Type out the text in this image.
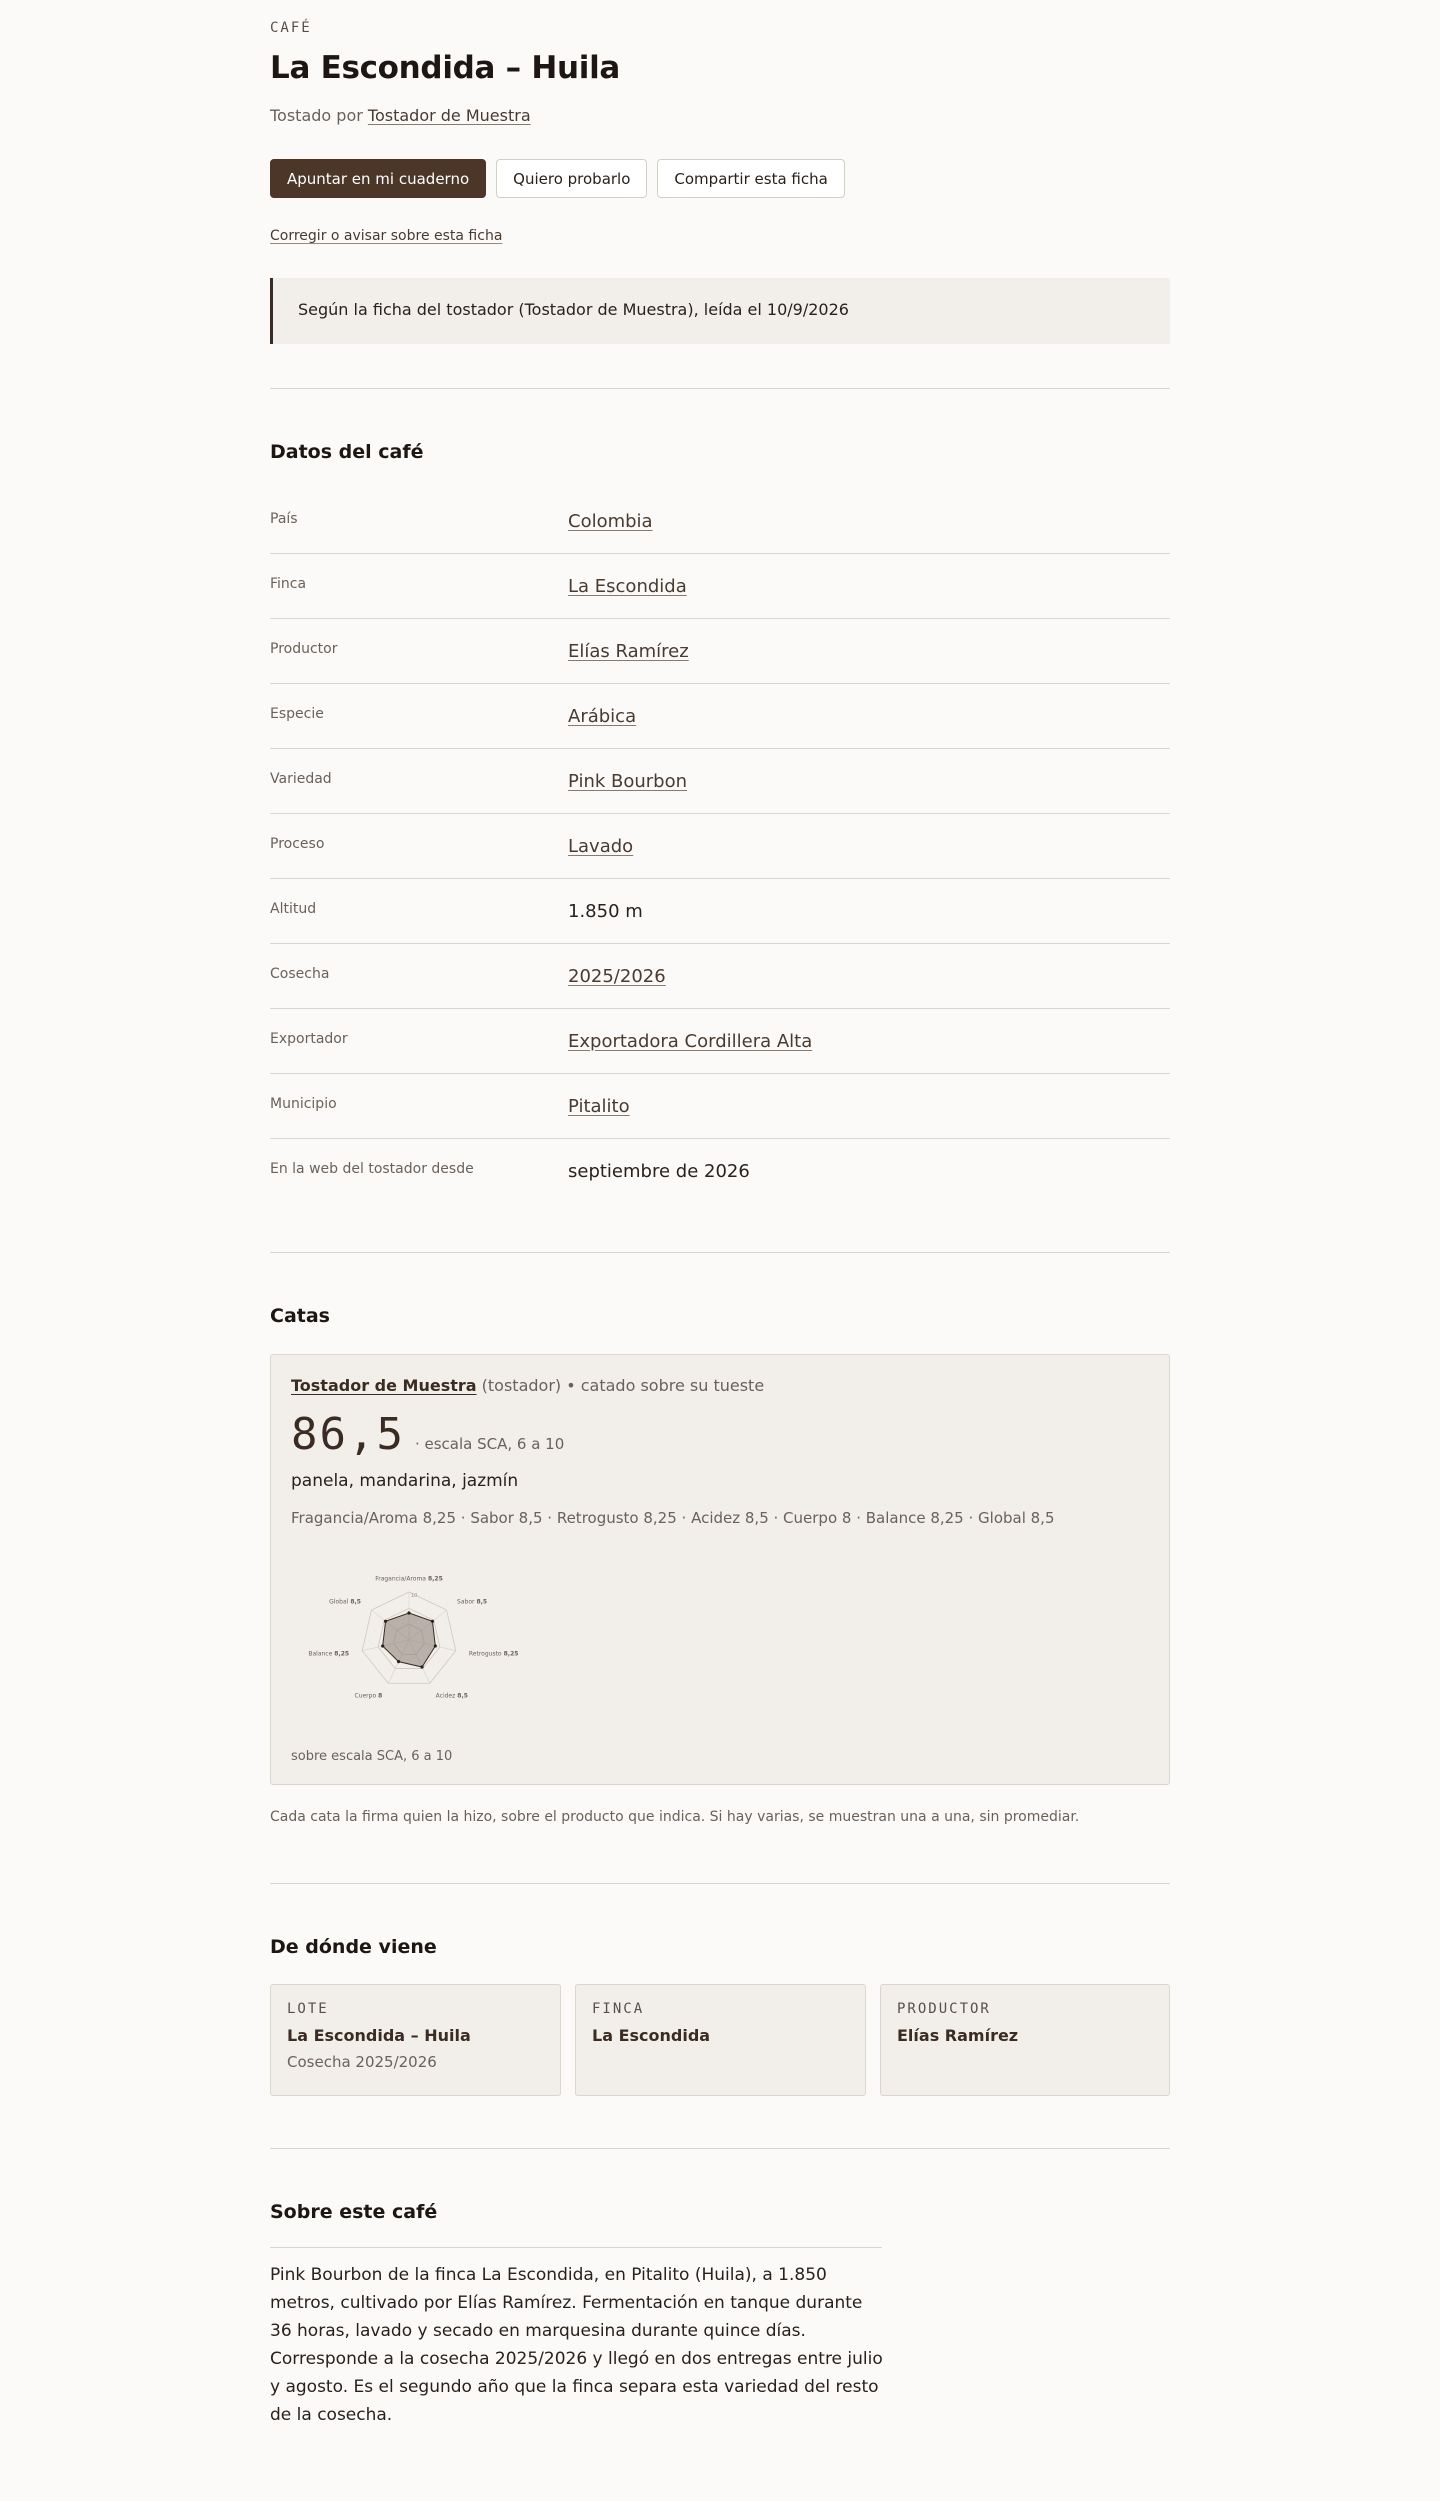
CAFÉ
La Escondida – Huila
Tostado por Tostador de Muestra
Apuntar en mi cuaderno	Quiero probarlo	Compartir esta ficha
Corregir o avisar sobre esta ficha
Según la ficha del tostador (Tostador de Muestra), leída el 10/9/2026
Datos del café
País	Colombia
Finca	La Escondida
Productor	Elías Ramírez
Especie	Arábica
Variedad	Pink Bourbon
Proceso	Lavado
Altitud	1.850 m
Cosecha	2025/2026
Exportador	Exportadora Cordillera Alta
Municipio	Pitalito
En la web del tostador desde	septiembre de 2026
Catas
Tostador de Muestra (tostador) • catado sobre su tueste
86,5 · escala SCA, 6 a 10
panela, mandarina, jazmín
Fragancia/Aroma 8,25 · Sabor 8,5 · Retrogusto 8,25 · Acidez 8,5 · Cuerpo 8 · Balance 8,25 · Global 8,5
10
Fragancia/Aroma 8,25
Sabor 8,5
Retrogusto 8,25
Acidez 8,5
Cuerpo 8
Balance 8,25
Global 8,5
sobre escala SCA, 6 a 10

Cada cata la firma quien la hizo, sobre el producto que indica. Si hay varias, se muestran una a una, sin promediar.

De dónde viene
LOTE
La Escondida – Huila
Cosecha 2025/2026
FINCA
La Escondida
PRODUCTOR
Elías Ramírez
Sobre este café

Pink Bourbon de la finca La Escondida, en Pitalito (Huila), a 1.850 metros, cultivado por Elías Ramírez. Fermentación en tanque durante 36 horas, lavado y secado en marquesina durante quince días. Corresponde a la cosecha 2025/2026 y llegó en dos entregas entre julio y agosto. Es el segundo año que la finca separa esta variedad del resto de la cosecha.
